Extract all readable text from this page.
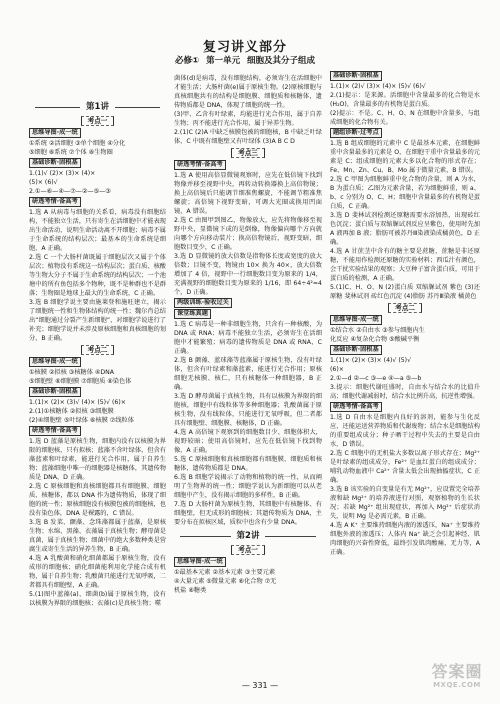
复习讲义部分
必修① 第一单元 细胞及其分子组成
第1讲
考点一
思维导图·成一统
①系统 ②活细胞 ③单个细胞 ④分化
⑤细胞 ⑥系统 ⑦个体 ⑧生物圈
基础诊断·固根基
1.(1)√ (2)× (3)× (4)×
(5)× (6)√
2.①—⑥—④—⑦—②—⑤—③
研透考情·备高考
1.选 A 从病毒与细胞的关系看，病毒没有细胞结构，不能独立生活，只有寄生在活细胞中才能表现出生命活动，说明生命活动离不开细胞；病毒不属于生命系统的结构层次；最基本的生命系统是细胞，A 正确。
2.选 C 一个大肠杆菌既属于细胞层次又属于个体层次；植物没有系统这一结构层次；蛋白质、核酸等生物大分子不属于生命系统的结构层次；一个池塘中的所有鱼包括多个物种，既不是种群也不是群落；生物圈是地球上最大的生命系统，C 正确。
3.选 B 细胞学说主要由施莱登和施旺建立，揭示了细胞统一性和生物体结构的统一性；魏尔肖总结出“细胞通过分裂产生新细胞”，对细胞学说进行了补充；细胞学说并未涉及原核细胞和真核细胞的划分，B 正确。
考点二
思维导图·成一统
①核膜 ②拟核 ③核糖体 ④DNA
⑤细胞壁 ⑥细胞膜 ⑦细胞质 ⑧染色体
基础诊断·固根基
1.(1)× (2)× (3)√ (4)× (5)√ (6)×
2.(1)①核糖体 ②拟核 ③细胞膜
(2)④细胞壁 ⑤叶绿体 ⑥核膜 ⑦线粒体
研透考情·备高考
1.选 D 蓝藻是原核生物，细胞内没有以核膜为界限的细胞核，只有拟核；蓝藻不含叶绿体，但含有藻蓝素和叶绿素，能进行光合作用，属于自养生物；蓝藻细胞中唯一的细胞器是核糖体，其遗传物质是 DNA，D 正确。
2.选 C 原核细胞和真核细胞都具有细胞膜、细胞质、核糖体，都以 DNA 作为遗传物质，体现了细胞的统一性；原核细胞没有核膜包被的细胞核，也没有染色体，DNA 是裸露的，C 错误。
3.选 B 发菜、颤藻、念珠藻都属于蓝藻，是原核生物；水绵、黑藻、衣藻属于真核生物；酵母菌是真菌，属于真核生物；细菌中的绝大多数种类是营腐生或寄生生活的异养生物，B 正确。
4.选 A 乳酸菌和硝化细菌都属于原核生物，没有成形的细胞核；硝化细菌能利用化学能合成有机物，属于自养生物；乳酸菌只能进行无氧呼吸，二者都具有细胞壁，A 正确。
5.(1)图中蓝藻(a)、细菌(b)属于原核生物，没有以核膜为界限的细胞核；衣藻(c)是真核生物；噬
菌体(d)是病毒，没有细胞结构，必须寄生在活细胞中才能生活；大肠杆菌(e)属于原核生物。(2)原核细胞与真核细胞共有的结构是细胞膜、细胞质和核糖体，遗传物质都是 DNA，体现了细胞的统一性。
(3)甲、乙含有叶绿素，均能进行光合作用，属于自养生物；丙不能进行光合作用，属于异养生物。
2.(1)C (2)A 中缺乏核膜包被的细胞核，B 中缺乏叶绿体，C 中既有细胞壁又有叶绿体 (3)A B C D
考点三
研透考情·备高考
1.选 A 使用高倍显微镜观察时，应先在低倍镜下找到物像并移至视野中央，再转动转换器换上高倍物镜；换上高倍镜后只能调节细准焦螺旋，不能调节粗准焦螺旋；高倍镜下视野变暗，可调大光圈或换用凹面镜，A 错误。
2.选 C 由图甲到图乙，物像放大，应先将物像移至视野中央，显微镜下成的是倒像，物像偏向哪个方向就向哪个方向移动装片；换高倍物镜后，视野变暗，细胞数目变少，C 正确。
3.选 D 显微镜的放大倍数是指物体长度或宽度的放大倍数；目镜不变，物镜由 10× 换为 40×，放大倍数增加了 4 倍，视野中一行细胞数目变为原来的 1/4，充满视野的细胞数目变为原来的 1/16，即 64÷4²=4 个，D 正确。
两级训练·验收过关
课堂练真题
1.选 C 病毒是一种非细胞生物，只含有一种核酸，为 DNA 或 RNA；病毒不能独立生活，必须寄生在活细胞中才能繁殖；病毒的遗传物质是 DNA 或 RNA，C 正确。
2.选 B 颤藻、蓝球藻等蓝藻属于原核生物，没有叶绿体，但含有叶绿素和藻蓝素，能进行光合作用；原核细胞无核膜、核仁，只有核糖体一种细胞器，B 正确。
3.选 D 酵母菌属于真核生物，具有以核膜为界限的细胞核，细胞中有线粒体等多种细胞器；乳酸菌属于原核生物，没有线粒体，只能进行无氧呼吸，但二者都具有细胞壁、细胞膜、核糖体，D 正确。
4.选 A 高倍镜下观察到的细胞数目少、细胞体积大，视野较暗；使用高倍镜时，应先在低倍镜下找到物像，A 正确。
5.选 C 原核细胞和真核细胞都有细胞膜、细胞质和核糖体，遗传物质都是 DNA。
6.选 B 细胞学说揭示了动物和植物的统一性，从而阐明了生物界的统一性；细胞学说认为新细胞可以从老细胞中产生，没有揭示细胞的多样性，B 正确。
7.选 D 大肠杆菌为原核生物，其细胞中有核糖体、有细胞壁，但无成形的细胞核；其遗传物质为 DNA，主要分布在拟核区域，质粒中也含有少量 DNA。
第2讲
考点一
思维导图·成一统
①最基本元素 ②基本元素 ③主要元素
④大量元素 ⑤微量元素 ⑥化合物 ⑦无
机盐 ⑧糖类
基础诊断·固根基
1.(1)× (2)√ (3)× (4)× (5)√ (6)√
2.(1)提示：是来源。活细胞中含量最多的化合物是水(H₂O)，含量最多的有机物是蛋白质。
(2)提示：不是。C、H、O、N 在细胞中含量多，与组成细胞的化合物有关。
题组诊断·过考点
1.选 B 组成细胞的元素中 C 是最基本元素，在细胞鲜重中含量最多的元素是 O，在细胞干重中含量最多的元素是 C；组成细胞的元素大多以化合物的形式存在；Fe、Mn、Zn、Cu、B、Mo 属于微量元素，B 错误。
2.选 C 甲图为细胞鲜重中化合物的含量，则 A 为水，B 为蛋白质；乙图为元素含量，若为细胞鲜重，则 a、b、c 分别为 O、C、H；细胞中含量最多的有机物是蛋白质，C 正确。
3.选 D 斐林试剂检测还原糖需要水浴加热，出现砖红色沉淀；蛋白质与双缩脲试剂反应呈紫色，使用时先加 A 液再加 B 液；脂肪可被苏丹Ⅲ染液染成橘黄色，D 正确。
4.选 A 甘蔗茎中含有的糖主要是蔗糖，蔗糖是非还原糖，不能用作检测还原糖的实验材料；西瓜汁有颜色，会干扰实验结果的观察；大豆种子富含蛋白质，可用于蛋白质的检测，A 正确。
5.(1)C、H、O、N (2)蛋白质 双缩脲试剂 紫色 (3)还原糖 斐林试剂 砖红色沉淀 (4)脂肪 苏丹Ⅲ染液 橘黄色
考点二
思维导图·成一统
①结合水 ②自由水 ③参与细胞内生
化反应 ④复杂化合物 ⑤酸碱平衡
基础诊断·固根基
1.(1)× (2)× (3)× (4)√ (5)√
(6)×
2.①—d ②—c ③—e ④—a ⑤—b
3.提示：细胞代谢旺盛时，自由水与结合水的比值升高；细胞代谢减弱时，结合水比例升高，抗逆性增强。
研透考情·备高考
1.选 D 自由水是细胞内良好的溶剂，能参与生化反应，还能运送营养物质和代谢废物；结合水是细胞结构的重要组成成分；种子晒干过程中失去的主要是自由水，D 错误。
2.选 C 细胞中的无机盐大多数以离子形式存在；Mg²⁺ 是叶绿素的组成成分，Fe²⁺ 是血红蛋白的组成成分；哺乳动物血液中 Ca²⁺ 含量太低会出现抽搐症状，C 正确。
3.选 B 该实验的自变量是有无 Mg²⁺，应设置完全培养液和缺 Mg²⁺ 的培养液进行对照，观察植物的生长状况；若缺 Mg²⁺ 组出现症状，再加入 Mg²⁺ 后症状消失，说明 Mg 是必需元素，B 正确。
4.选 A K⁺ 主要维持细胞内液的渗透压，Na⁺ 主要维持细胞外液的渗透压；人体内 Na⁺ 缺乏会引起神经、肌肉细胞的兴奋性降低，最终引发肌肉酸痛、无力等，A 正确。
— 331 —
答案圈
MXQE.COM
